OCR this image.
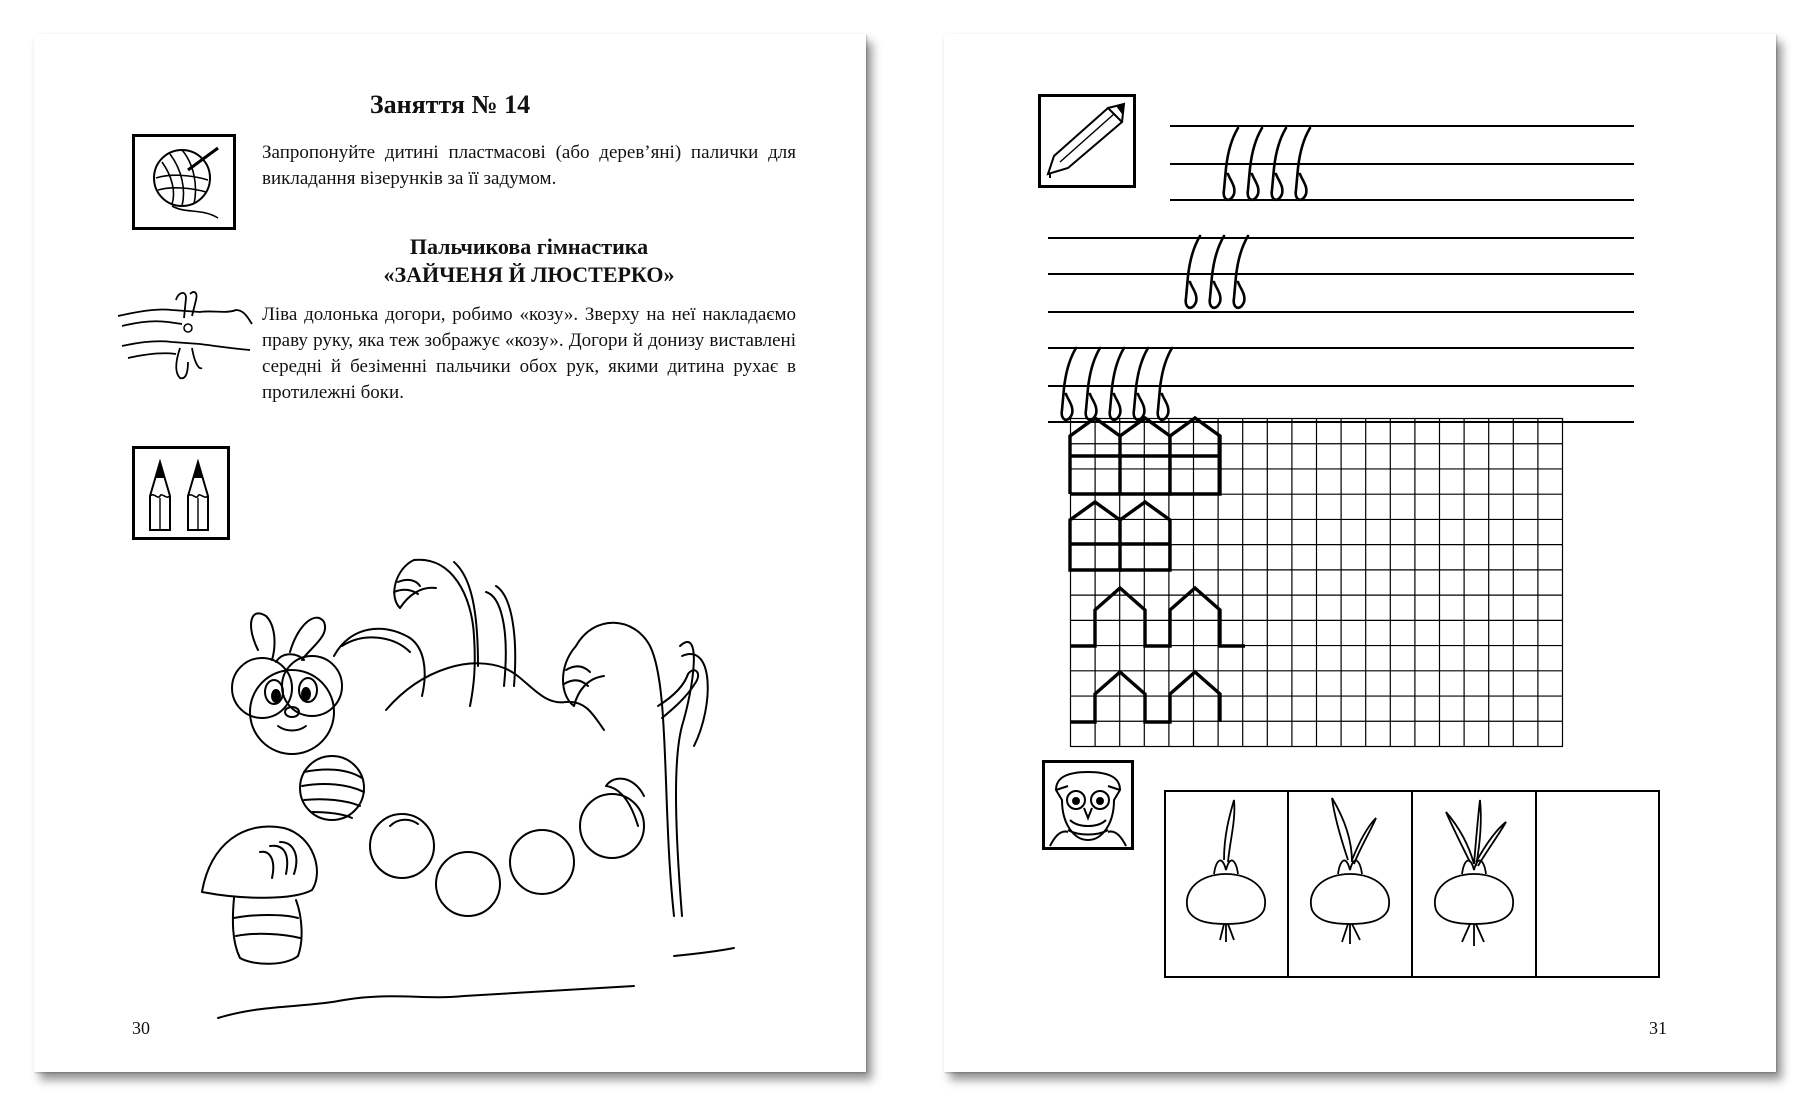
Заняття № 14
Запропонуйте дитині пластмасові (або дерев’яні) палички для викладання візерунків за її задумом.
Пальчикова гімнастика
«ЗАЙЧЕНЯ Й ЛЮСТЕРКО»
Ліва долонька догори, робимо «козу». Зверху на неї накладаємо праву руку, яка теж зображує «козу». Догори й донизу виставлені середні й безіменні пальчики обох рук, якими дитина рухає в протилежні боки.
30	31
